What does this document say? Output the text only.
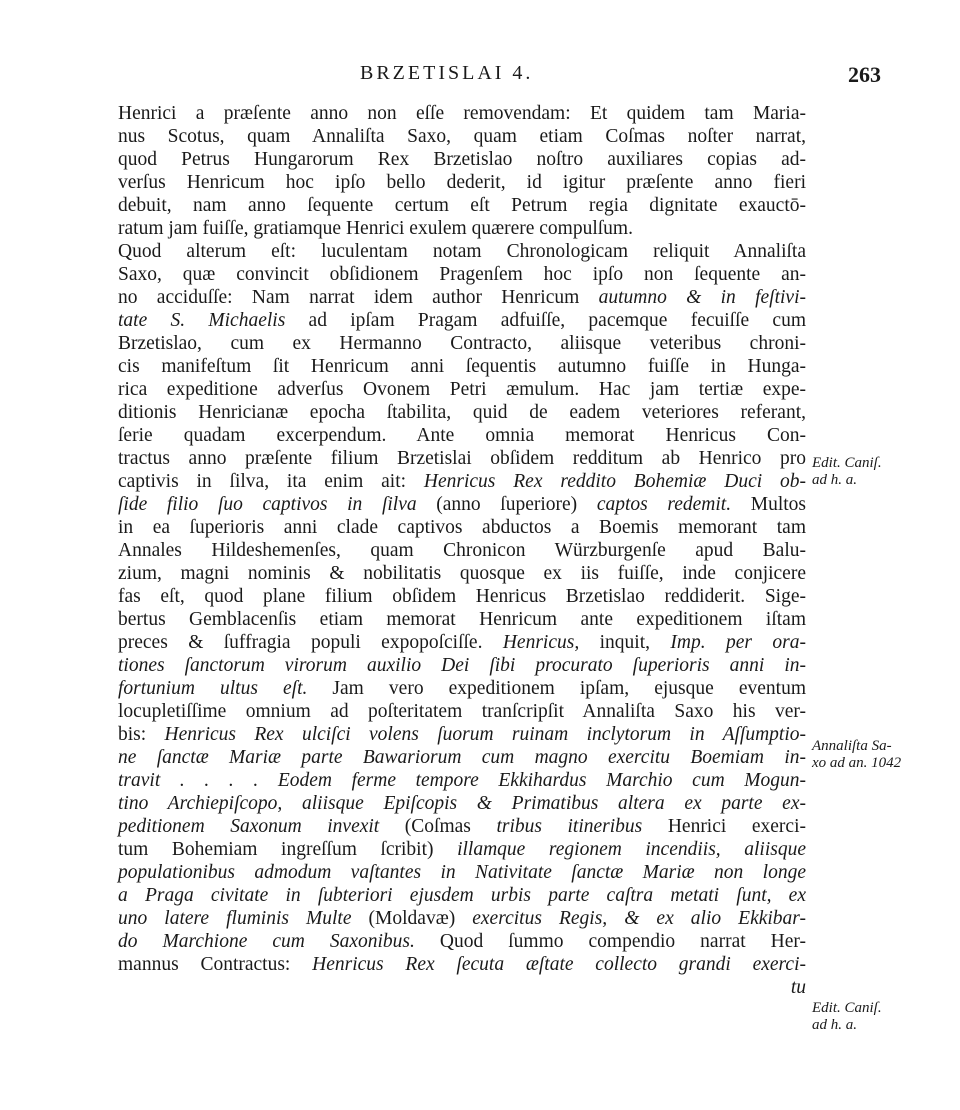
BRZETISLAI 4.	263
Henrici a præſente anno non eſſe removendam: Et quidem tam Maria-
nus Scotus, quam Annaliſta Saxo, quam etiam Coſmas noſter narrat,
quod Petrus Hungarorum Rex Brzetislao noſtro auxiliares copias ad-
verſus Henricum hoc ipſo bello dederit, id igitur præſente anno fieri
debuit, nam anno ſequente certum eſt Petrum regia dignitate exauctō-
ratum jam fuiſſe, gratiamque Henrici exulem quærere compulſum.
Quod alterum eſt: luculentam notam Chronologicam reliquit Annaliſta
Saxo, quæ convincit obſidionem Pragenſem hoc ipſo non ſequente an-
no acciduſſe: Nam narrat idem author Henricum autumno & in feſtivi-
tate S. Michaelis ad ipſam Pragam adfuiſſe, pacemque fecuiſſe cum
Brzetislao, cum ex Hermanno Contracto, aliisque veteribus chroni-
cis manifeſtum ſit Henricum anni ſequentis autumno fuiſſe in Hunga-
rica expeditione adverſus Ovonem Petri æmulum. Hac jam tertiæ expe-
ditionis Henricianæ epocha ſtabilita, quid de eadem veteriores referant,
ſerie quadam excerpendum. Ante omnia memorat Henricus Con-
tractus anno præſente filium Brzetislai obſidem redditum ab Henrico pro
captivis in ſilva, ita enim ait: Henricus Rex reddito Bohemiæ Duci ob-
ſide filio ſuo captivos in ſilva (anno ſuperiore) captos redemit. Multos
in ea ſuperioris anni clade captivos abductos a Boemis memorant tam
Annales Hildeshemenſes, quam Chronicon Würzburgenſe apud Balu-
zium, magni nominis & nobilitatis quosque ex iis fuiſſe, inde conjicere
fas eſt, quod plane filium obſidem Henricus Brzetislao reddiderit. Sige-
bertus Gemblacenſis etiam memorat Henricum ante expeditionem iſtam
preces & ſuffragia populi expopoſciſſe. Henricus, inquit, Imp. per ora-
tiones ſanctorum virorum auxilio Dei ſibi procurato ſuperioris anni in-
fortunium ultus eſt. Jam vero expeditionem ipſam, ejusque eventum
locupletiſſime omnium ad poſteritatem tranſcripſit Annaliſta Saxo his ver-
bis: Henricus Rex ulciſci volens ſuorum ruinam inclytorum in Aſſumptio-
ne ſanctæ Mariæ parte Bawariorum cum magno exercitu Boemiam in-
travit . . . . Eodem ferme tempore Ekkihardus Marchio cum Mogun-
tino Archiepiſcopo, aliisque Epiſcopis & Primatibus altera ex parte ex-
peditionem Saxonum invexit (Coſmas tribus itineribus Henrici exerci-
tum Bohemiam ingreſſum ſcribit) illamque regionem incendiis, aliisque
populationibus admodum vaſtantes in Nativitate ſanctæ Mariæ non longe
a Praga civitate in ſubteriori ejusdem urbis parte caſtra metati ſunt, ex
uno latere fluminis Multe (Moldavæ) exercitus Regis, & ex alio Ekkibar-
do Marchione cum Saxonibus. Quod ſummo compendio narrat Her-
mannus Contractus: Henricus Rex ſecuta æſtate collecto grandi exerci-
tu
Edit. Caniſ.
ad h. a.
Annaliſta Sa-
xo ad an. 1042
Edit. Caniſ.
ad h. a.
